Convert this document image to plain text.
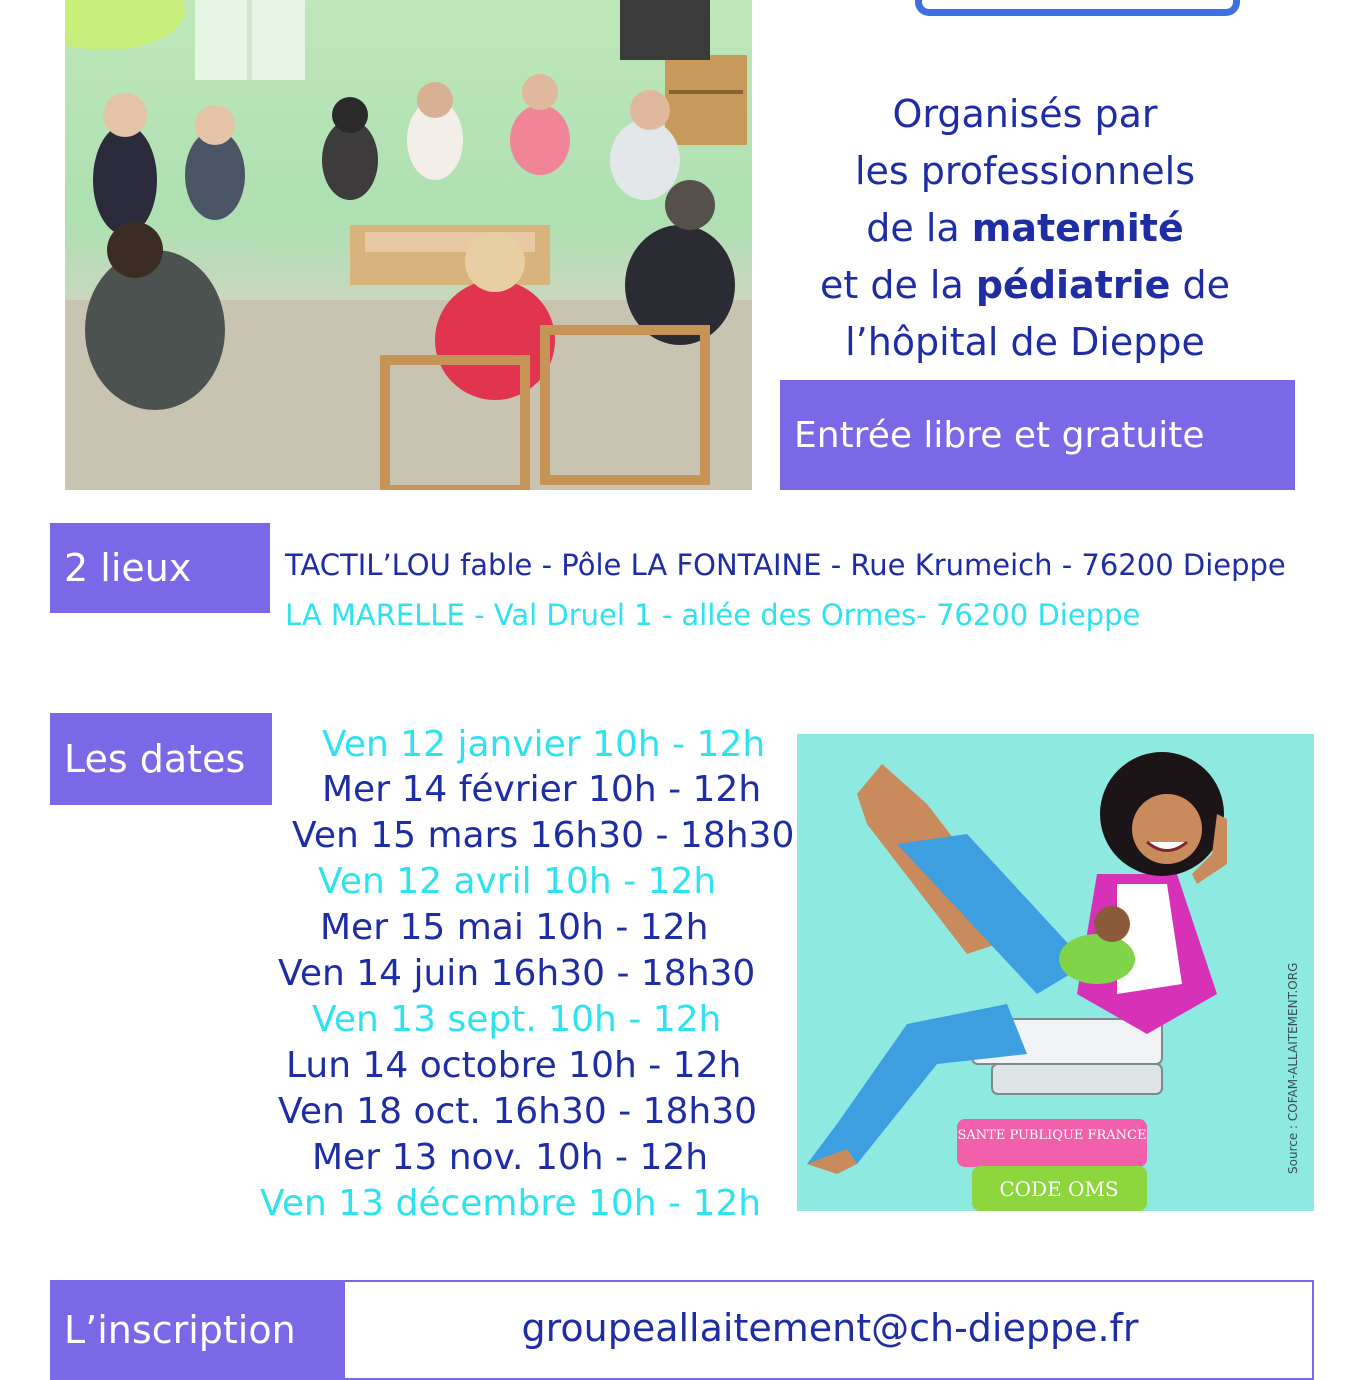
Organisés par
les professionnels
de la maternité
et de la pédiatrie de
l’hôpital de Dieppe
Entrée libre et gratuite
2 lieux	TACTIL’LOU fable - Pôle LA FONTAINE - Rue Krumeich - 76200 Dieppe
LA MARELLE - Val Druel 1 - allée des Ormes- 76200 Dieppe
Les dates	Ven 12 janvier 10h - 12h
Mer 14 février 10h - 12h
Ven 15 mars 16h30 - 18h30
Ven 12 avril 10h - 12h
Mer 15 mai 10h - 12h
Ven 14 juin 16h30 - 18h30
Ven 13 sept. 10h - 12h
Lun 14 octobre 10h - 12h
Ven 18 oct. 16h30 - 18h30
Mer 13 nov. 10h - 12h
Ven 13 décembre 10h - 12h
SANTE PUBLIQUE FRANCE
CODE OMS
Source : COFAM-ALLAITEMENT.ORG
L’inscription	groupeallaitement@ch-dieppe.fr
